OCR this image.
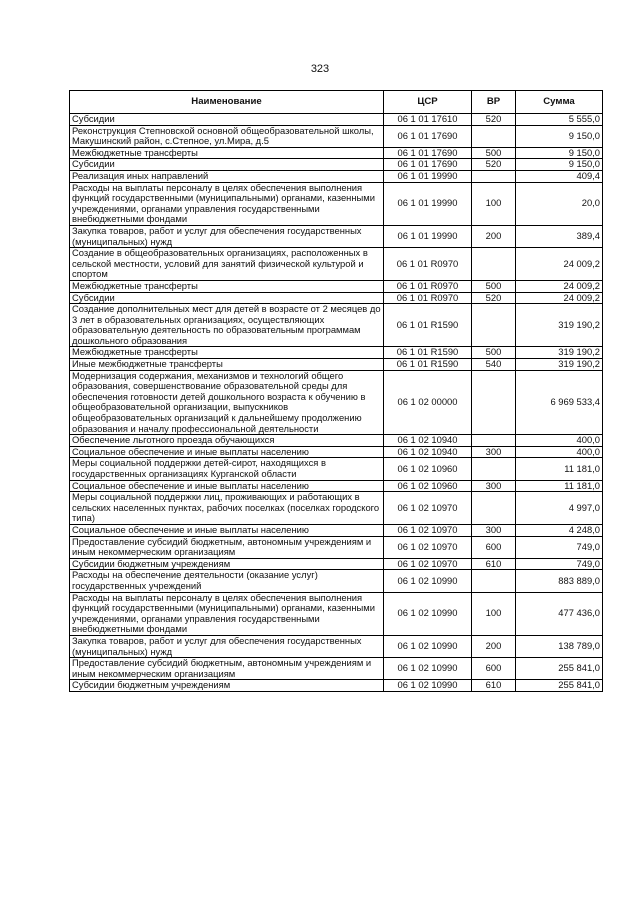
323
Наименование	ЦСР	ВР	Сумма
Субсидии	06 1 01 17610	520	5 555,0
Реконструкция Степновской основной общеобразовательной школы, Макушинский район, с.Степное, ул.Мира, д.5	06 1 01 17690		9 150,0
Межбюджетные трансферты	06 1 01 17690	500	9 150,0
Субсидии	06 1 01 17690	520	9 150,0
Реализация иных направлений	06 1 01 19990		409,4
Расходы на выплаты персоналу в целях обеспечения выполнения функций государственными (муниципальными) органами, казенными учреждениями, органами управления государственными внебюджетными фондами	06 1 01 19990	100	20,0
Закупка товаров, работ и услуг для обеспечения государственных (муниципальных) нужд	06 1 01 19990	200	389,4
Создание в общеобразовательных организациях, расположенных в сельской местности, условий для занятий физической культурой и спортом	06 1 01 R0970		24 009,2
Межбюджетные трансферты	06 1 01 R0970	500	24 009,2
Субсидии	06 1 01 R0970	520	24 009,2
Создание дополнительных мест для детей в возрасте от 2 месяцев до 3 лет в образовательных организациях, осуществляющих образовательную деятельность по образовательным программам дошкольного образования	06 1 01 R1590		319 190,2
Межбюджетные трансферты	06 1 01 R1590	500	319 190,2
Иные межбюджетные трансферты	06 1 01 R1590	540	319 190,2
Модернизация содержания, механизмов и технологий общего образования, совершенствование образовательной среды для обеспечения готовности детей дошкольного возраста к обучению в общеобразовательной организации, выпускников общеобразовательных организаций к дальнейшему продолжению образования и началу профессиональной деятельности	06 1 02 00000		6 969 533,4
Обеспечение льготного проезда обучающихся	06 1 02 10940		400,0
Социальное обеспечение и иные выплаты населению	06 1 02 10940	300	400,0
Меры социальной поддержки детей-сирот, находящихся в государственных организациях Курганской области	06 1 02 10960		11 181,0
Социальное обеспечение и иные выплаты населению	06 1 02 10960	300	11 181,0
Меры социальной поддержки лиц, проживающих и работающих в сельских населенных пунктах, рабочих поселках (поселках городского типа)	06 1 02 10970		4 997,0
Социальное обеспечение и иные выплаты населению	06 1 02 10970	300	4 248,0
Предоставление субсидий бюджетным, автономным учреждениям и иным некоммерческим организациям	06 1 02 10970	600	749,0
Субсидии бюджетным учреждениям	06 1 02 10970	610	749,0
Расходы на обеспечение деятельности (оказание услуг) государственных учреждений	06 1 02 10990		883 889,0
Расходы на выплаты персоналу в целях обеспечения выполнения функций государственными (муниципальными) органами, казенными учреждениями, органами управления государственными внебюджетными фондами	06 1 02 10990	100	477 436,0
Закупка товаров, работ и услуг для обеспечения государственных (муниципальных) нужд	06 1 02 10990	200	138 789,0
Предоставление субсидий бюджетным, автономным учреждениям и иным некоммерческим организациям	06 1 02 10990	600	255 841,0
Субсидии бюджетным учреждениям	06 1 02 10990	610	255 841,0
